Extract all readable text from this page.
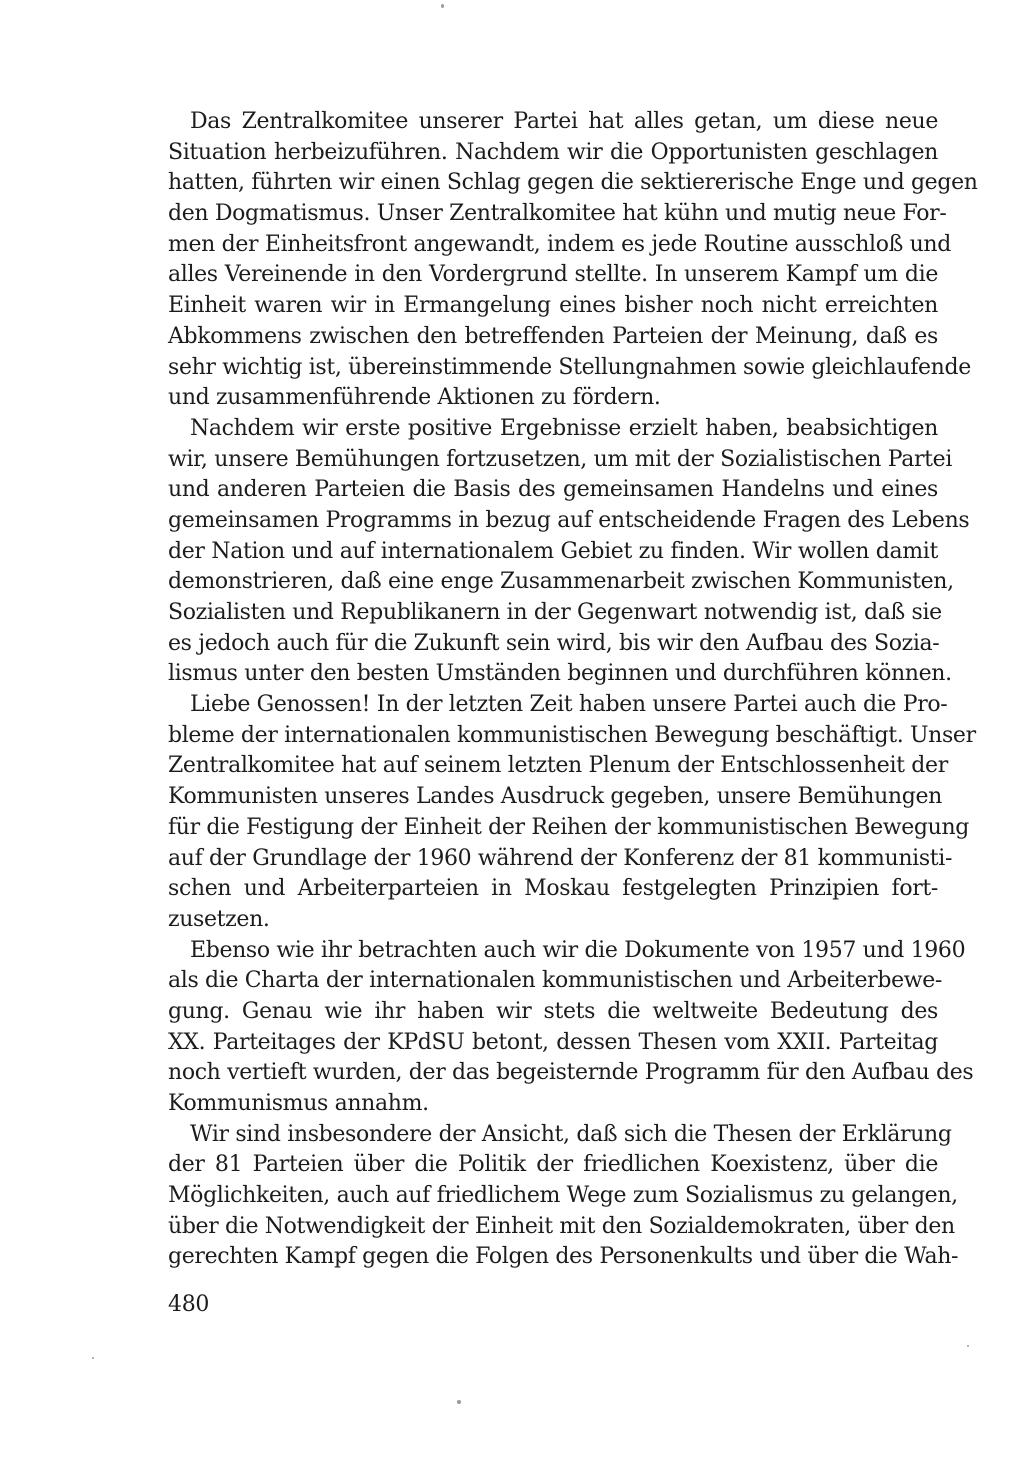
Das Zentralkomitee unserer Partei hat alles getan, um diese neue
Situation herbeizuführen. Nachdem wir die Opportunisten geschlagen
hatten, führten wir einen Schlag gegen die sektiererische Enge und gegen
den Dogmatismus. Unser Zentralkomitee hat kühn und mutig neue For-
men der Einheitsfront angewandt, indem es jede Routine ausschloß und
alles Vereinende in den Vordergrund stellte. In unserem Kampf um die
Einheit waren wir in Ermangelung eines bisher noch nicht erreichten
Abkommens zwischen den betreffenden Parteien der Meinung, daß es
sehr wichtig ist, übereinstimmende Stellungnahmen sowie gleichlaufende
und zusammenführende Aktionen zu fördern.
Nachdem wir erste positive Ergebnisse erzielt haben, beabsichtigen
wir, unsere Bemühungen fortzusetzen, um mit der Sozialistischen Partei
und anderen Parteien die Basis des gemeinsamen Handelns und eines
gemeinsamen Programms in bezug auf entscheidende Fragen des Lebens
der Nation und auf internationalem Gebiet zu finden. Wir wollen damit
demonstrieren, daß eine enge Zusammenarbeit zwischen Kommunisten,
Sozialisten und Republikanern in der Gegenwart notwendig ist, daß sie
es jedoch auch für die Zukunft sein wird, bis wir den Aufbau des Sozia-
lismus unter den besten Umständen beginnen und durchführen können.
Liebe Genossen! In der letzten Zeit haben unsere Partei auch die Pro-
bleme der internationalen kommunistischen Bewegung beschäftigt. Unser
Zentralkomitee hat auf seinem letzten Plenum der Entschlossenheit der
Kommunisten unseres Landes Ausdruck gegeben, unsere Bemühungen
für die Festigung der Einheit der Reihen der kommunistischen Bewegung
auf der Grundlage der 1960 während der Konferenz der 81 kommunisti-
schen und Arbeiterparteien in Moskau festgelegten Prinzipien fort-
zusetzen.
Ebenso wie ihr betrachten auch wir die Dokumente von 1957 und 1960
als die Charta der internationalen kommunistischen und Arbeiterbewe-
gung. Genau wie ihr haben wir stets die weltweite Bedeutung des
XX. Parteitages der KPdSU betont, dessen Thesen vom XXII. Parteitag
noch vertieft wurden, der das begeisternde Programm für den Aufbau des
Kommunismus annahm.
Wir sind insbesondere der Ansicht, daß sich die Thesen der Erklärung
der 81 Parteien über die Politik der friedlichen Koexistenz, über die
Möglichkeiten, auch auf friedlichem Wege zum Sozialismus zu gelangen,
über die Notwendigkeit der Einheit mit den Sozialdemokraten, über den
gerechten Kampf gegen die Folgen des Personenkults und über die Wah-
480
